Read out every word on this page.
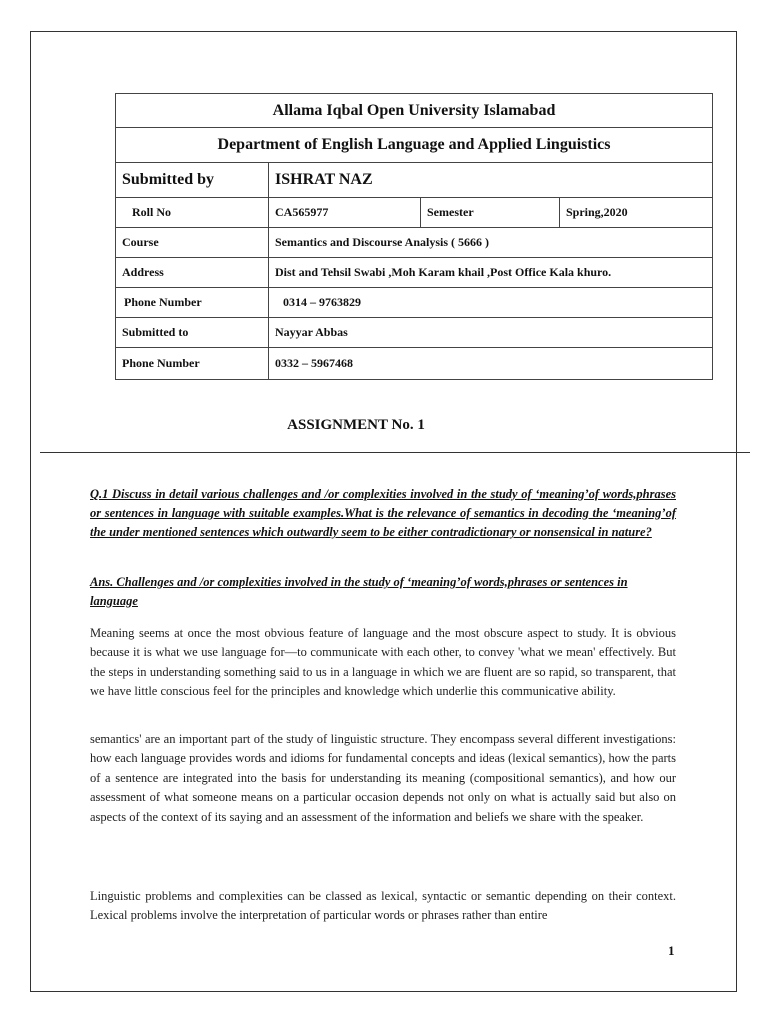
Allama Iqbal Open University Islamabad			
Department of English Language and Applied Linguistics			
Submitted by	ISHRAT NAZ		
Roll No	CA565977	Semester	Spring,2020
Course	Semantics and Discourse Analysis ( 5666 )		
Address	Dist and Tehsil Swabi ,Moh Karam khail ,Post Office Kala khuro.		
Phone Number	0314 – 9763829		
Submitted to	Nayyar Abbas		
Phone Number	0332 – 5967468		
ASSIGNMENT No. 1
Q.1 Discuss in detail various challenges and /or complexities involved in the study of ‘meaning’of words,phrases or sentences in language with suitable examples.What is the relevance of semantics in decoding the ‘meaning’of the under mentioned sentences which outwardly seem to be either contradictionary or nonsensical in nature?
Ans. Challenges and /or complexities involved in the study of ‘meaning’of words,phrases or sentences in language
Meaning seems at once the most obvious feature of language and the most obscure aspect to study. It is obvious because it is what we use language for—to communicate with each other, to convey 'what we mean' effectively. But the steps in understanding something said to us in a language in which we are fluent are so rapid, so transparent, that we have little conscious feel for the principles and knowledge which underlie this communicative ability.
semantics' are an important part of the study of linguistic structure. They encompass several different investigations: how each language provides words and idioms for fundamental concepts and ideas (lexical semantics), how the parts of a sentence are integrated into the basis for understanding its meaning (compositional semantics), and how our assessment of what someone means on a particular occasion depends not only on what is actually said but also on aspects of the context of its saying and an assessment of the information and beliefs we share with the speaker.
Linguistic problems and complexities can be classed as lexical, syntactic or semantic depending on their context. Lexical problems involve the interpretation of particular words or phrases rather than entire
1
